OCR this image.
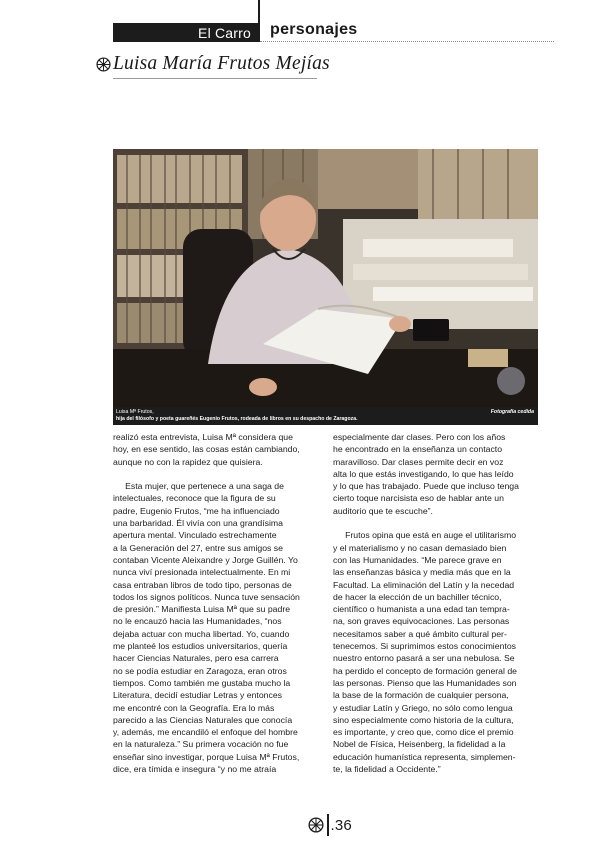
El Carro personajes
Luisa María Frutos Mejías
Luisa Mª Frutos,
hija del filósofo y poeta guareñés Eugenio Frutos, rodeada de libros en su despacho de Zaragoza.
Fotografía cedida

realizó esta entrevista, Luisa Mª considera que

hoy, en ese sentido, las cosas están cambiando,

aunque no con la rapidez que quisiera.

Esta mujer, que pertenece a una saga de

intelectuales, reconoce que la figura de su

padre, Eugenio Frutos, “me ha influenciado

una barbaridad. Él vivía con una grandísima

apertura mental. Vinculado estrechamente

a la Generación del 27, entre sus amigos se

contaban Vicente Aleixandre y Jorge Guillén. Yo

nunca viví presionada intelectualmente. En mi

casa entraban libros de todo tipo, personas de

todos los signos políticos. Nunca tuve sensación

de presión.” Manifiesta Luisa Mª que su padre

no le encauzó hacia las Humanidades, “nos

dejaba actuar con mucha libertad. Yo, cuando

me planteé los estudios universitarios, quería

hacer Ciencias Naturales, pero esa carrera

no se podía estudiar en Zaragoza, eran otros

tiempos. Como también me gustaba mucho la

Literatura, decidí estudiar Letras y entonces

me encontré con la Geografía. Era lo más

parecido a las Ciencias Naturales que conocía

y, además, me encandiló el enfoque del hombre

en la naturaleza.” Su primera vocación no fue

enseñar sino investigar, porque Luisa Mª Frutos,

dice, era tímida e insegura “y no me atraía

especialmente dar clases. Pero con los años

he encontrado en la enseñanza un contacto

maravilloso. Dar clases permite decir en voz

alta lo que estás investigando, lo que has leído

y lo que has trabajado. Puede que incluso tenga

cierto toque narcisista eso de hablar ante un

auditorio que te escuche”.

Frutos opina que está en auge el utilitarismo

y el materialismo y no casan demasiado bien

con las Humanidades. “Me parece grave en

las enseñanzas básica y media más que en la

Facultad. La eliminación del Latín y la necedad

de hacer la elección de un bachiller técnico,

científico o humanista a una edad tan tempra-

na, son graves equivocaciones. Las personas

necesitamos saber a qué ámbito cultural per-

tenecemos. Si suprimimos estos conocimientos

nuestro entorno pasará a ser una nebulosa. Se

ha perdido el concepto de formación general de

las personas. Pienso que las Humanidades son

la base de la formación de cualquier persona,

y estudiar Latín y Griego, no sólo como lengua

sino especialmente como historia de la cultura,

es importante, y creo que, como dice el premio

Nobel de Física, Heisenberg, la fidelidad a la

educación humanística representa, simplemen-

te, la fidelidad a Occidente.”

.36
